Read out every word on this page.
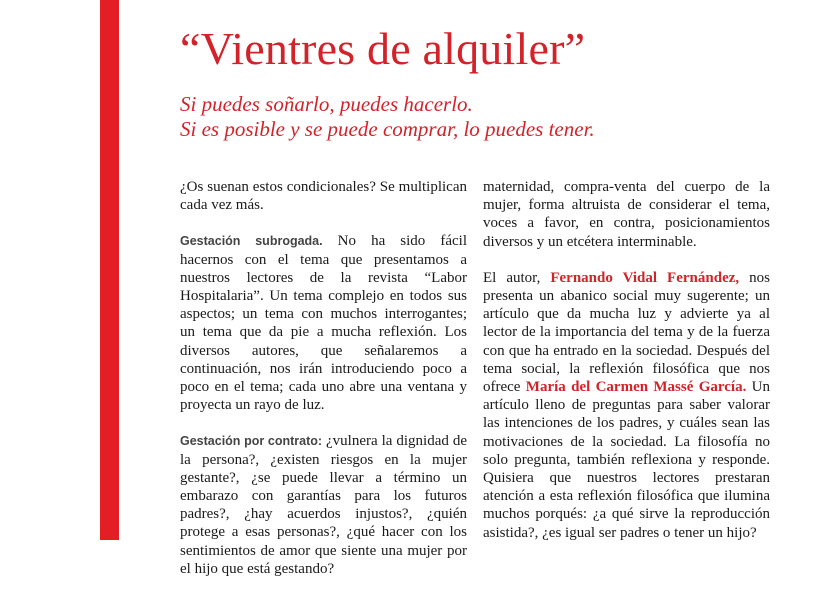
“Vientres de alquiler”
Si puedes soñarlo, puedes hacerlo.
Si es posible y se puede comprar, lo puedes tener.

¿Os suenan estos condicionales? Se multiplican cada vez más.

Gestación subrogada. No ha sido fácil hacernos con el tema que presentamos a nuestros lectores de la revista “Labor Hospitalaria”. Un tema complejo en todos sus aspectos; un tema con muchos interrogantes; un tema que da pie a mucha reflexión. Los diversos autores, que señalaremos a continuación, nos irán introduciendo poco a poco en el tema; cada uno abre una ventana y proyecta un rayo de luz.

Gestación por contrato: ¿vulnera la dignidad de la persona?, ¿existen riesgos en la mujer gestante?, ¿se puede llevar a término un embarazo con garantías para los futuros padres?, ¿hay acuerdos injustos?, ¿quién protege a esas personas?, ¿qué hacer con los sentimientos de amor que siente una mujer por el hijo que está gestando?

maternidad, compra-venta del cuerpo de la mujer, forma altruista de considerar el tema, voces a favor, en contra, posicionamientos diversos y un etcétera interminable.

El autor, Fernando Vidal Fernández, nos presenta un abanico social muy sugerente; un artículo que da mucha luz y advierte ya al lector de la importancia del tema y de la fuerza con que ha entrado en la sociedad. Después del tema social, la reflexión filosófica que nos ofrece María del Carmen Massé García. Un artículo lleno de preguntas para saber valorar las intenciones de los padres, y cuáles sean las motivaciones de la sociedad. La filosofía no solo pregunta, también reflexiona y responde. Quisiera que nuestros lectores prestaran atención a esta reflexión filosófica que ilumina muchos porqués: ¿a qué sirve la reproducción asistida?, ¿es igual ser padres o tener un hijo?
